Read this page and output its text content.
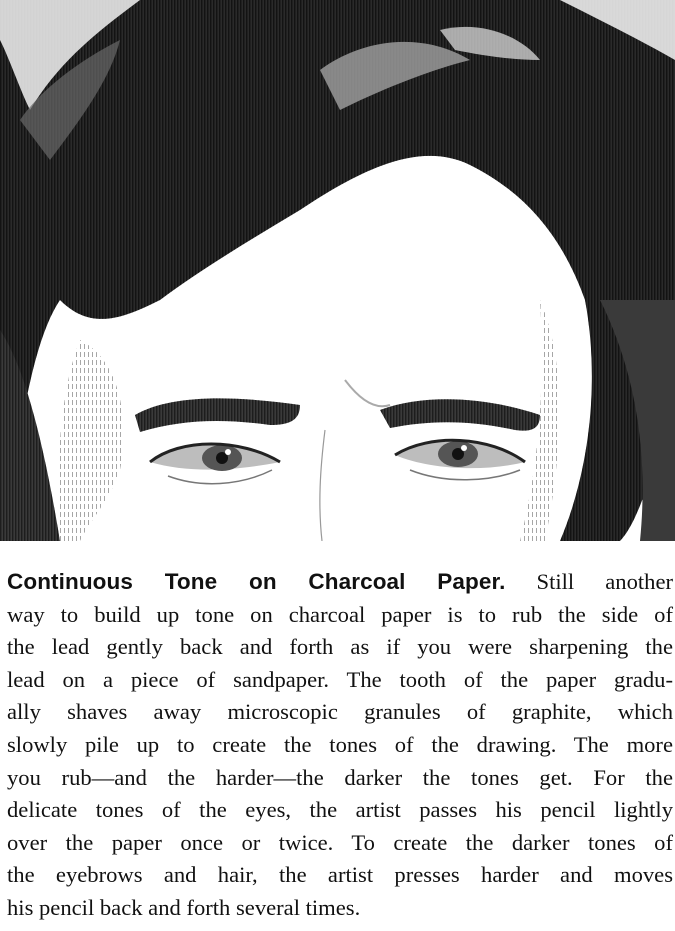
Continuous Tone on Charcoal Paper. Still another
way to build up tone on charcoal paper is to rub the side of
the lead gently back and forth as if you were sharpening the
lead on a piece of sandpaper. The tooth of the paper gradu-
ally shaves away microscopic granules of graphite, which
slowly pile up to create the tones of the drawing. The more
you rub—and the harder—the darker the tones get. For the
delicate tones of the eyes, the artist passes his pencil lightly
over the paper once or twice. To create the darker tones of
the eyebrows and hair, the artist presses harder and moves
his pencil back and forth several times.
